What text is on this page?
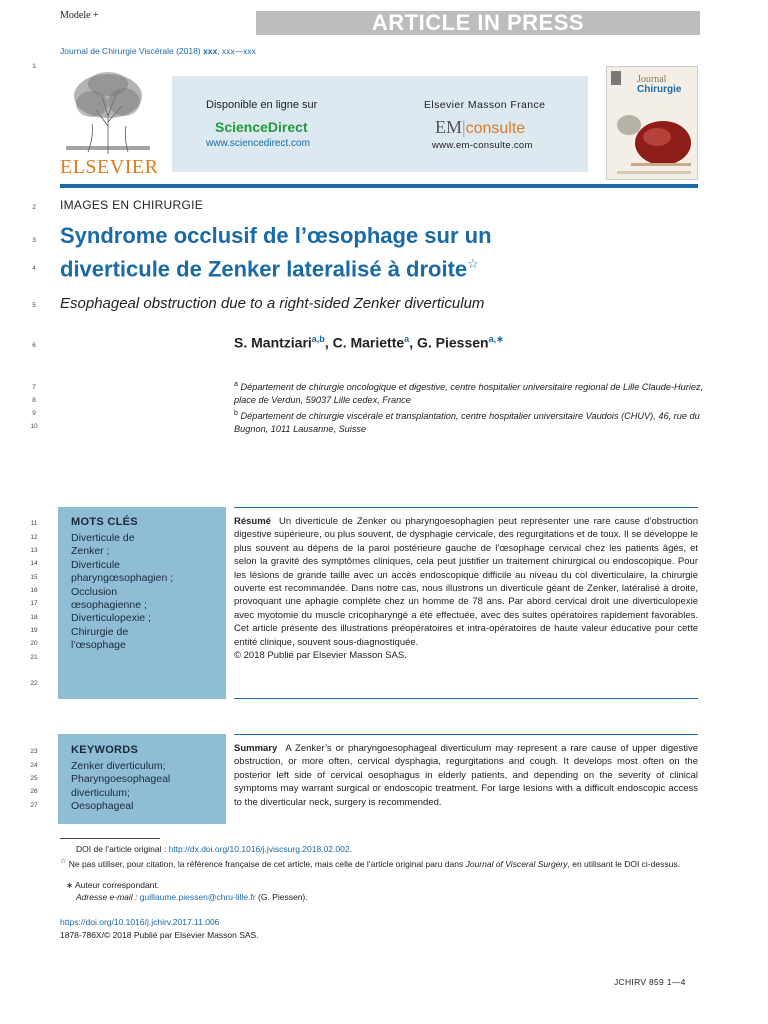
Modele +	ARTICLE IN PRESS
Journal de Chirurgie Viscérale (2018) xxx, xxx—xxx
ELSEVIER
Disponible en ligne sur
ScienceDirect
www.sciencedirect.com
Elsevier Masson France
EM|consulte
www.em-consulte.com
Journal
Chirurgie
1
2
3
4
5
6
7
8
9
10
11
12
13
14
15
16
17
18
19
20
21
22
23
24
25
26
27
IMAGES EN CHIRURGIE
Syndrome occlusif de l’œsophage sur un
diverticule de Zenker lateralisé à droite☆
Esophageal obstruction due to a right-sided Zenker diverticulum
S. Mantziari$^{a,b}$, C. Mariette$^a$, G. Piessen$^{a,∗}$
$^a$ Département de chirurgie oncologique et digestive, centre hospitalier universitaire regional de Lille Claude-Huriez, place de Verdun, 59037 Lille cedex, France
$^b$ Département de chirurgie viscérale et transplantation, centre hospitalier universitaire Vaudois (CHUV), 46, rue du Bugnon, 1011 Lausanne, Suisse
MOTS CLÉS
Diverticule de
Zenker ;
Diverticule
pharyngœsophagien ;
Occlusion
œsophagienne ;
Diverticulopexie ;
Chirurgie de
l’œsophage
Résumé Un diverticule de Zenker ou pharyngoesophagien peut représenter une rare cause d’obstruction digestive supérieure, ou plus souvent, de dysphagie cervicale, des regurgitations et de toux. Il se développe le plus souvent au dépens de la paroi postérieure gauche de l’œsophage cervical chez les patients âgés, et selon la gravité des symptômes cliniques, cela peut justifier un traitement chirurgical ou endoscopique. Pour les lésions de grande taille avec un accès endoscopique difficile au niveau du col diverticulaire, la chirurgie ouverte est recommandée. Dans notre cas, nous illustrons un diverticule géant de Zenker, latéralisé à droite, provoquant une aphagie complète chez un homme de 78 ans. Par abord cervical droit une diverticulopexie avec myotomie du muscle cricopharyngé a été effectuée, avec des suites opératoires rapidement favorables. Cet article présente des illustrations préopératoires et intra-opératoires de haute valeur éducative pour cette entité clinique, souvent sous-diagnostiquée.
© 2018 Publié par Elsevier Masson SAS.
KEYWORDS
Zenker diverticulum;
Pharyngoesophageal
diverticulum;
Oesophageal
Summary A Zenker’s or pharyngoesophageal diverticulum may represent a rare cause of upper digestive obstruction, or more often, cervical dysphagia, regurgitations and cough. It develops most often on the posterior left side of cervical oesophagus in elderly patients, and depending on the severity of clinical symptoms may warrant surgical or endoscopic treatment. For large lesions with a difficult endoscopic access to the diverticular neck, surgery is recommended.
DOI de l’article original : http://dx.doi.org/10.1016/j.jviscsurg.2018.02.002.
☆ Ne pas utiliser, pour citation, la référence française de cet article, mais celle de l’article original paru dans Journal of Visceral Surgery, en utilisant le DOI ci-dessus.
∗ Auteur correspondant.
Adresse e-mail : guillaume.piessen@chru-lille.fr (G. Piessen).
https://doi.org/10.1016/j.jchirv.2017.11.006
1878-786X/© 2018 Publié par Elsevier Masson SAS.
JCHIRV 859 1—4
